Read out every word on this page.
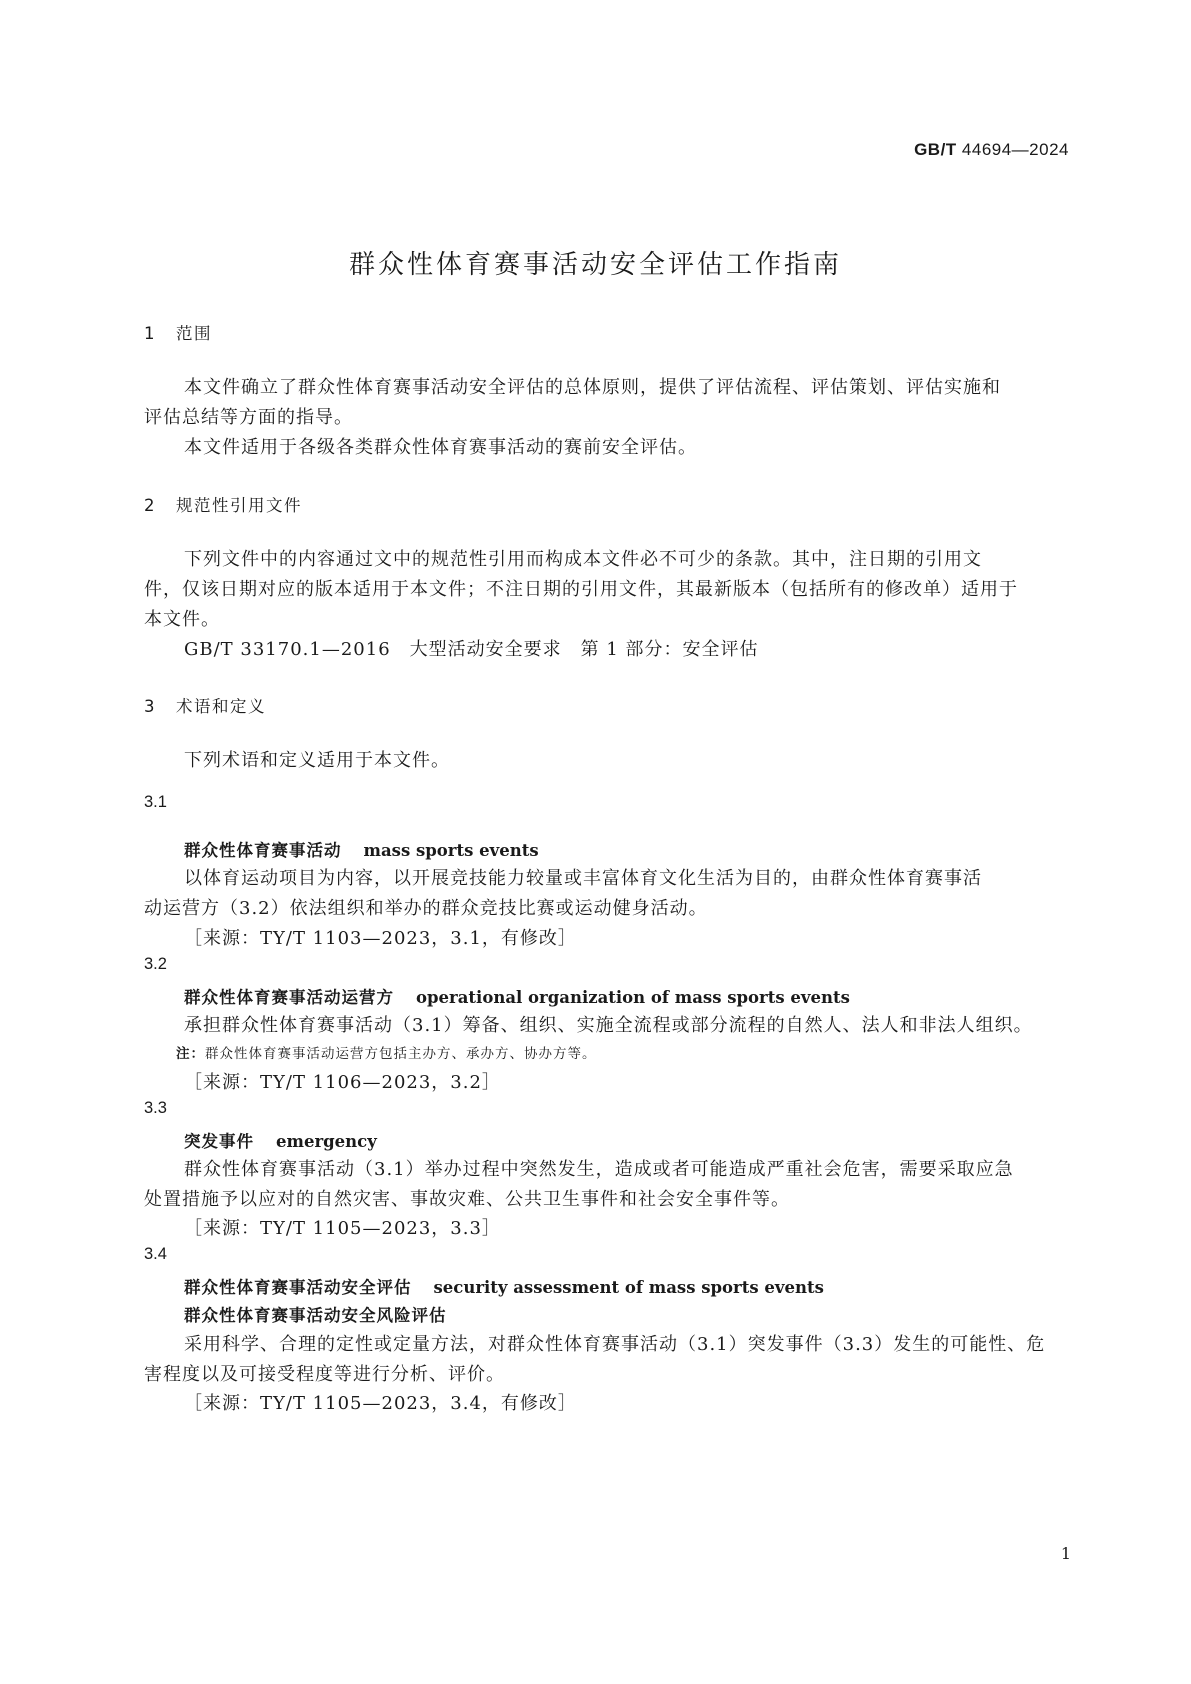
GB/T 44694—2024
群众性体育赛事活动安全评估工作指南
1 范围
本文件确立了群众性体育赛事活动安全评估的总体原则，提供了评估流程、评估策划、评估实施和
评估总结等方面的指导。
本文件适用于各级各类群众性体育赛事活动的赛前安全评估。
2 规范性引用文件
下列文件中的内容通过文中的规范性引用而构成本文件必不可少的条款。其中，注日期的引用文
件，仅该日期对应的版本适用于本文件；不注日期的引用文件，其最新版本（包括所有的修改单）适用于
本文件。
GB/T 33170.1—2016　大型活动安全要求　第 1 部分：安全评估
3 术语和定义
下列术语和定义适用于本文件。
3.1
群众性体育赛事活动 mass sports events
以体育运动项目为内容，以开展竞技能力较量或丰富体育文化生活为目的，由群众性体育赛事活
动运营方（3.2）依法组织和举办的群众竞技比赛或运动健身活动。
［来源：TY/T 1103—2023，3.1，有修改］
3.2
群众性体育赛事活动运营方 operational organization of mass sports events
承担群众性体育赛事活动（3.1）筹备、组织、实施全流程或部分流程的自然人、法人和非法人组织。
注：群众性体育赛事活动运营方包括主办方、承办方、协办方等。
［来源：TY/T 1106—2023，3.2］
3.3
突发事件 emergency
群众性体育赛事活动（3.1）举办过程中突然发生，造成或者可能造成严重社会危害，需要采取应急
处置措施予以应对的自然灾害、事故灾难、公共卫生事件和社会安全事件等。
［来源：TY/T 1105—2023，3.3］
3.4
群众性体育赛事活动安全评估 security assessment of mass sports events
群众性体育赛事活动安全风险评估
采用科学、合理的定性或定量方法，对群众性体育赛事活动（3.1）突发事件（3.3）发生的可能性、危
害程度以及可接受程度等进行分析、评价。
［来源：TY/T 1105—2023，3.4，有修改］
1
